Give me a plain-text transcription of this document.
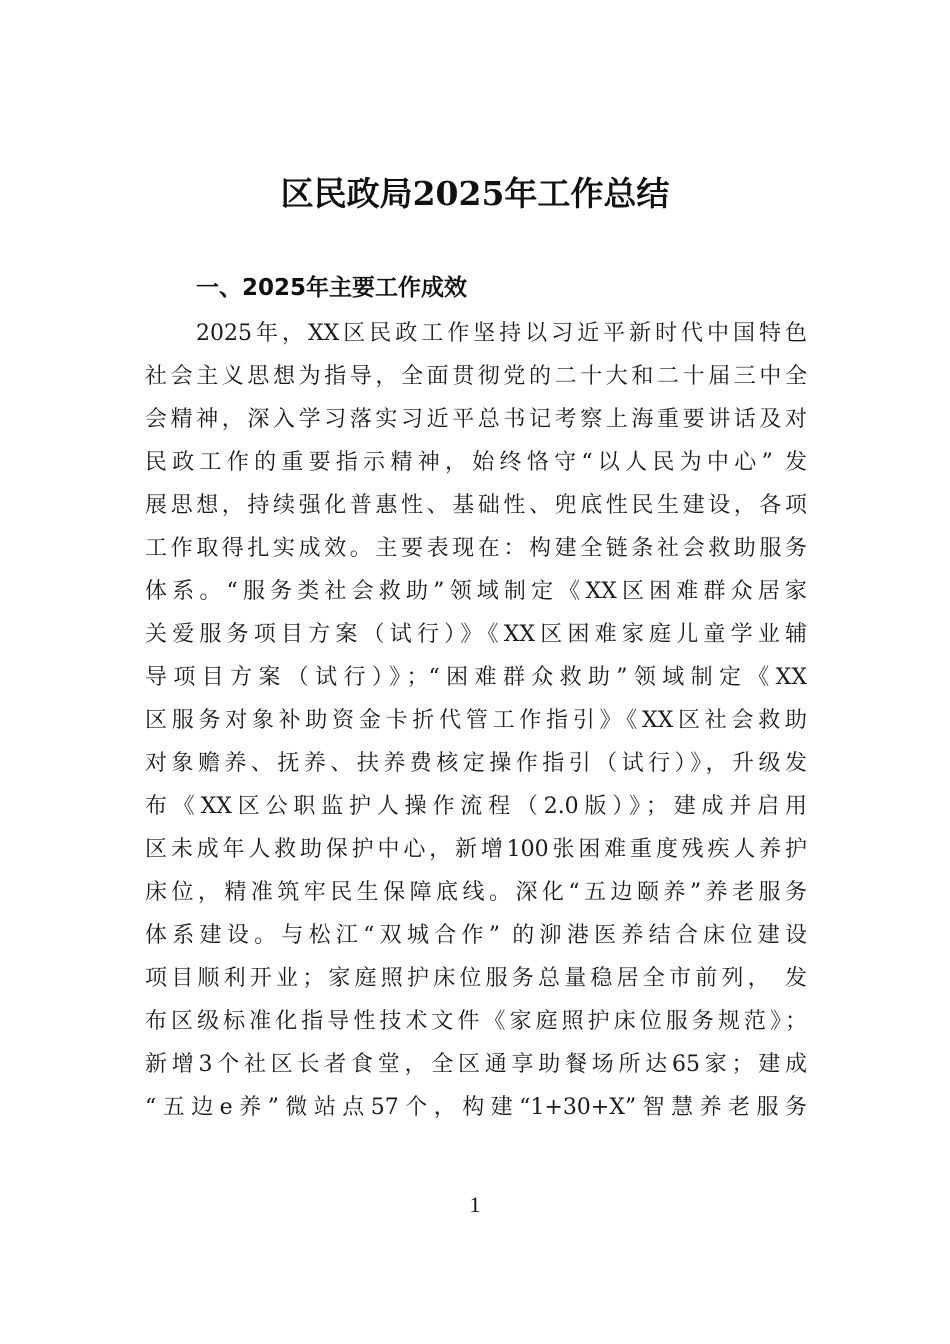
区民政局2025年工作总结
一、2025年主要工作成效
2025年，XX区民政工作坚持以习近平新时代中国特色
社会主义思想为指导，全面贯彻党的二十大和二十届三中全
会精神，深入学习落实习近平总书记考察上海重要讲话及对
民政工作的重要指示精神，始终恪守“以人民为中心” 发
展思想，持续强化普惠性、基础性、兜底性民生建设，各项
工作取得扎实成效。主要表现在：构建全链条社会救助服务
体系。“服务类社会救助”领域制定《XX区困难群众居家
关爱服务项目方案（试行）》《XX区困难家庭儿童学业辅
导项目方案（试行）》；“困难群众救助”领域制定《XX
区服务对象补助资金卡折代管工作指引》《XX区社会救助
对象赡养、抚养、扶养费核定操作指引（试行）》，升级发
布《XX区公职监护人操作流程（2.0版）》；建成并启用
区未成年人救助保护中心，新增100张困难重度残疾人养护
床位，精准筑牢民生保障底线。深化“五边颐养”养老服务
体系建设。与松江“双城合作” 的泖港医养结合床位建设
项目顺利开业；家庭照护床位服务总量稳居全市前列， 发
布区级标准化指导性技术文件《家庭照护床位服务规范》；
新增3个社区长者食堂，全区通享助餐场所达65家；建成
“五边e养”微站点57个，构建“1+30+X”智慧养老服务
1
